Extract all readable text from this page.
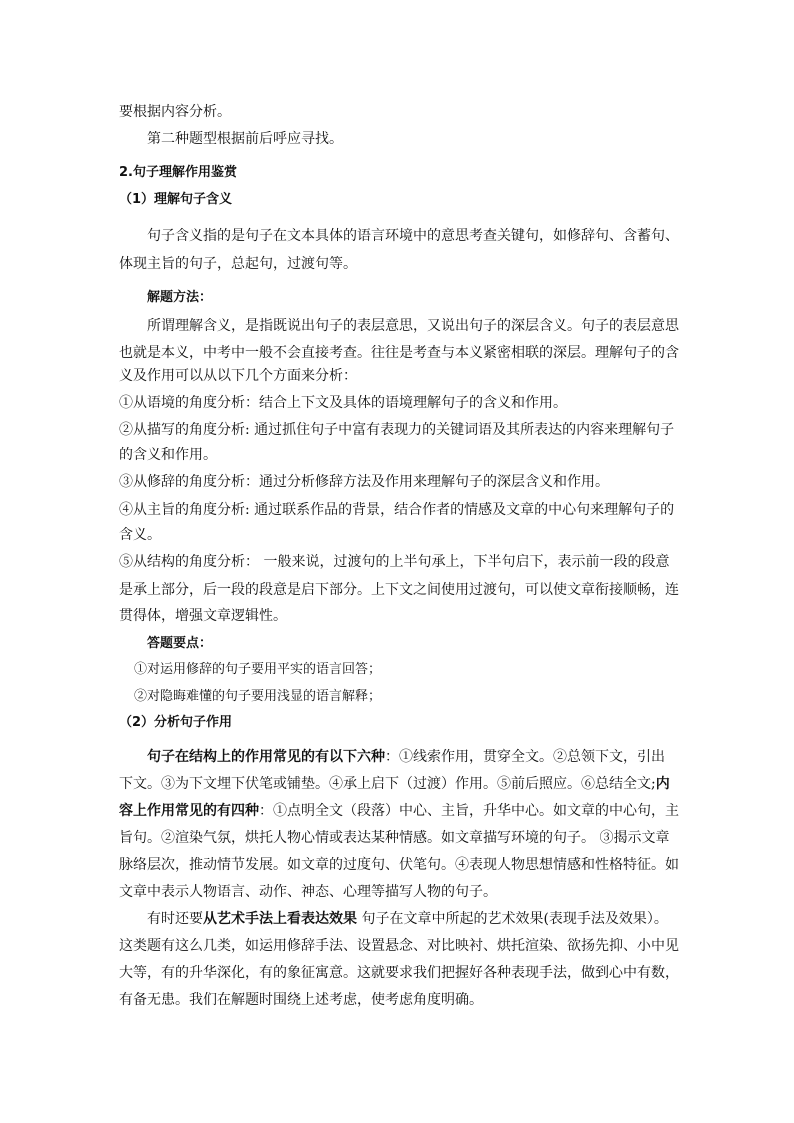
要根据内容分析。
第二种题型根据前后呼应寻找。
2.句子理解作用鉴赏
（1）理解句子含义
句子含义指的是句子在文本具体的语言环境中的意思考查关键句，如修辞句、含蓄句、
体现主旨的句子，总起句，过渡句等。
解题方法：
所谓理解含义，是指既说出句子的表层意思，又说出句子的深层含义。句子的表层意思
也就是本义，中考中一般不会直接考查。往往是考查与本义紧密相联的深层。理解句子的含
义及作用可以从以下几个方面来分析：
①从语境的角度分析：结合上下文及具体的语境理解句子的含义和作用。
②从描写的角度分析: 通过抓住句子中富有表现力的关键词语及其所表达的内容来理解句子
的含义和作用。
③从修辞的角度分析：通过分析修辞方法及作用来理解句子的深层含义和作用。
④从主旨的角度分析: 通过联系作品的背景，结合作者的情感及文章的中心句来理解句子的
含义。
⑤从结构的角度分析： 一般来说，过渡句的上半句承上，下半句启下，表示前一段的段意
是承上部分，后一段的段意是启下部分。上下文之间使用过渡句，可以使文章衔接顺畅，连
贯得体，增强文章逻辑性。
答题要点：
①对运用修辞的句子要用平实的语言回答；
②对隐晦难懂的句子要用浅显的语言解释；
（2）分析句子作用
句子在结构上的作用常见的有以下六种：①线索作用，贯穿全文。②总领下文，引出
下文。③为下文埋下伏笔或铺垫。④承上启下（过渡）作用。⑤前后照应。⑥总结全文;内
容上作用常见的有四种：①点明全文（段落）中心、主旨，升华中心。如文章的中心句，主
旨句。②渲染气氛，烘托人物心情或表达某种情感。如文章描写环境的句子。 ③揭示文章
脉络层次，推动情节发展。如文章的过度句、伏笔句。④表现人物思想情感和性格特征。如
文章中表示人物语言、动作、神态、心理等描写人物的句子。
有时还要从艺术手法上看表达效果 句子在文章中所起的艺术效果(表现手法及效果）。
这类题有这么几类，如运用修辞手法、设置悬念、对比映衬、烘托渲染、欲扬先抑、小中见
大等，有的升华深化，有的象征寓意。这就要求我们把握好各种表现手法，做到心中有数，
有备无患。我们在解题时围绕上述考虑，使考虑角度明确。
